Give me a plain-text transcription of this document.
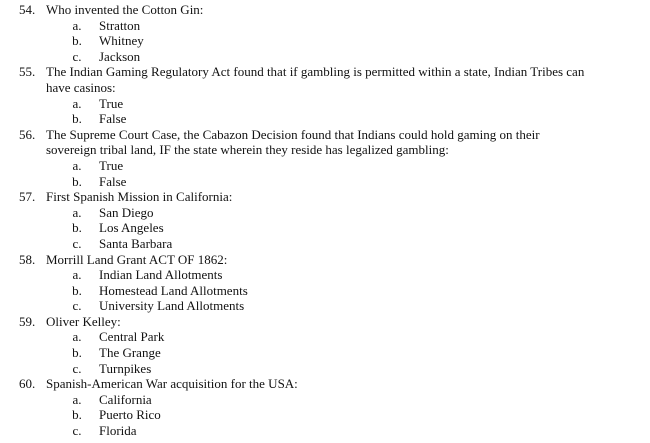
54. Who invented the Cotton Gin:
a. Stratton
b. Whitney
c. Jackson
55. The Indian Gaming Regulatory Act found that if gambling is permitted within a state, Indian Tribes can
have casinos:
a. True
b. False
56. The Supreme Court Case, the Cabazon Decision found that Indians could hold gaming on their
sovereign tribal land, IF the state wherein they reside has legalized gambling:
a. True
b. False
57. First Spanish Mission in California:
a. San Diego
b. Los Angeles
c. Santa Barbara
58. Morrill Land Grant ACT OF 1862:
a. Indian Land Allotments
b. Homestead Land Allotments
c. University Land Allotments
59. Oliver Kelley:
a. Central Park
b. The Grange
c. Turnpikes
60. Spanish-American War acquisition for the USA:
a. California
b. Puerto Rico
c. Florida
